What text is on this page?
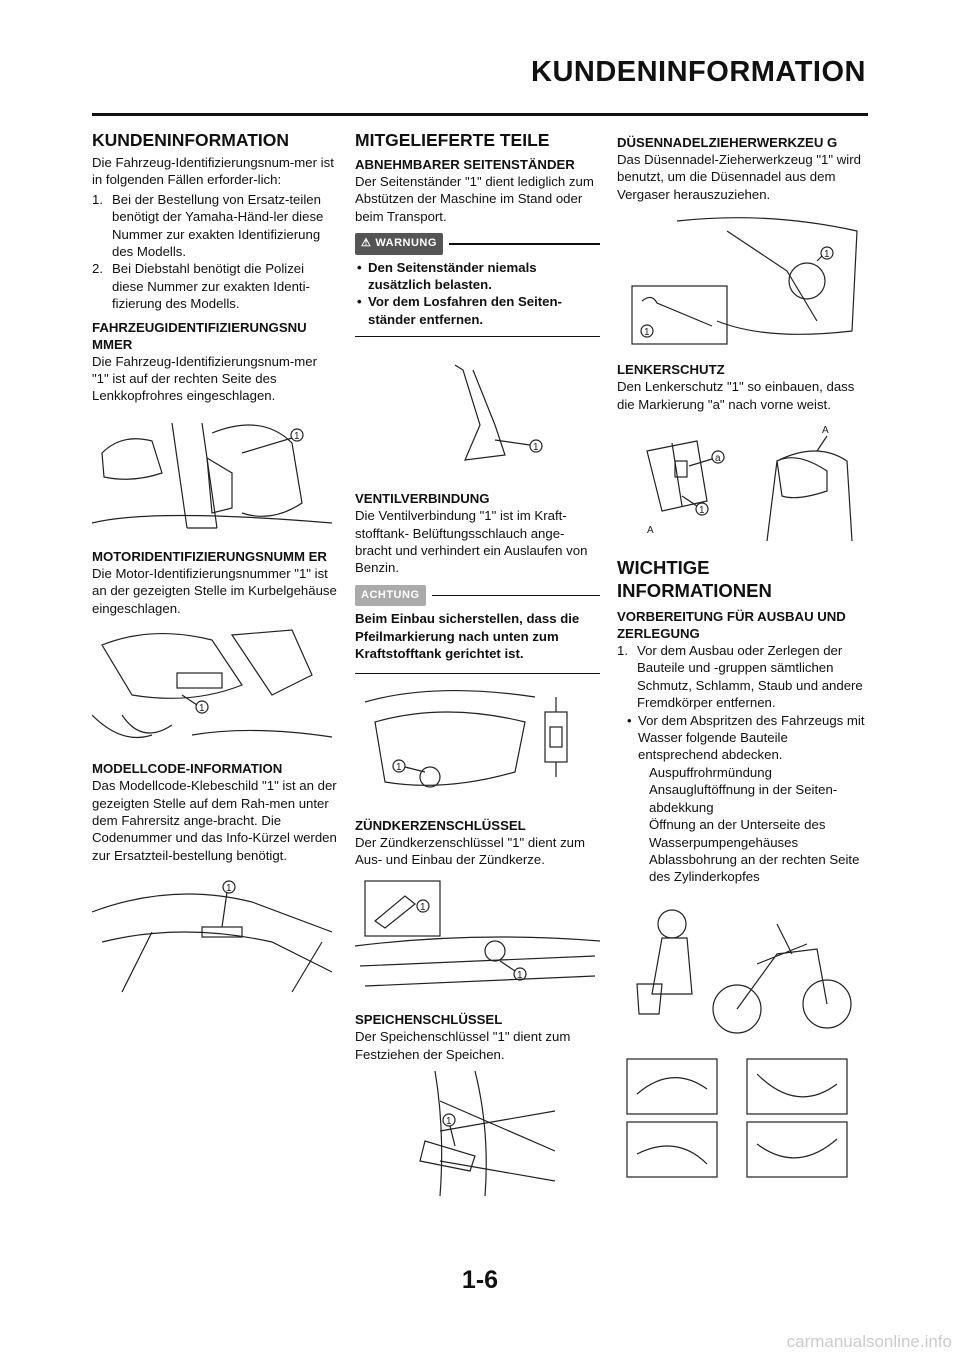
KUNDENINFORMATION
KUNDENINFORMATION

Die Fahrzeug-Identifizierungsnum-mer ist in folgenden Fällen erforder-lich:

1. Bei der Bestellung von Ersatz-teilen benötigt der Yamaha-Händ-ler diese Nummer zur exakten Identifizierung des Modells.
2. Bei Diebstahl benötigt die Polizei diese Nummer zur exakten Identi-fizierung des Modells.
FAHRZEUGIDENTIFIZIERUNGSNU MMER

Die Fahrzeug-Identifizierungsnum-mer "1" ist auf der rechten Seite des Lenkkopfrohres eingeschlagen.

1
MOTORIDENTIFIZIERUNGSNUMM ER

Die Motor-Identifizierungsnummer "1" ist an der gezeigten Stelle im Kurbelgehäuse eingeschlagen.

1
MODELLCODE-INFORMATION

Das Modellcode-Klebeschild "1" ist an der gezeigten Stelle auf dem Rah-men unter dem Fahrersitz ange-bracht. Die Codenummer und das Info-Kürzel werden zur Ersatzteil-bestellung benötigt.

1
MITGELIEFERTE TEILE
ABNEHMBARER SEITENSTÄNDER

Der Seitenständer "1" dient lediglich zum Abstützen der Maschine im Stand oder beim Transport.

⚠ WARNUNG
• Den Seitenständer niemals zusätzlich belasten.
• Vor dem Losfahren den Seiten-ständer entfernen.
1
VENTILVERBINDUNG

Die Ventilverbindung "1" ist im Kraft-stofftank- Belüftungsschlauch ange-bracht und verhindert ein Auslaufen von Benzin.

ACHTUNG

Beim Einbau sicherstellen, dass die Pfeilmarkierung nach unten zum Kraftstofftank gerichtet ist.

1
ZÜNDKERZENSCHLÜSSEL

Der Zündkerzenschlüssel "1" dient zum Aus- und Einbau der Zündkerze.

1
1
SPEICHENSCHLÜSSEL

Der Speichenschlüssel "1" dient zum Festziehen der Speichen.

1
DÜSENNADELZIEHERWERKZEU G

Das Düsennadel-Zieherwerkzeug "1" wird benutzt, um die Düsennadel aus dem Vergaser herauszuziehen.

1
1
LENKERSCHUTZ

Den Lenkerschutz "1" so einbauen, dass die Markierung "a" nach vorne weist.

a
1
A
A
WICHTIGE INFORMATIONEN
VORBEREITUNG FÜR AUSBAU UND ZERLEGUNG
1. Vor dem Ausbau oder Zerlegen der Bauteile und -gruppen sämtlichen Schmutz, Schlamm, Staub und andere Fremdkörper entfernen.
• Vor dem Abspritzen des Fahrzeugs mit Wasser folgende Bauteile entsprechend abdecken.
Auspuffrohrmündung
Ansaugluftöffnung in der Seiten-abdekkung
Öffnung an der Unterseite des Wasserpumpengehäuses
Ablassbohrung an der rechten Seite des Zylinderkopfes
1-6
carmanualsonline.info
